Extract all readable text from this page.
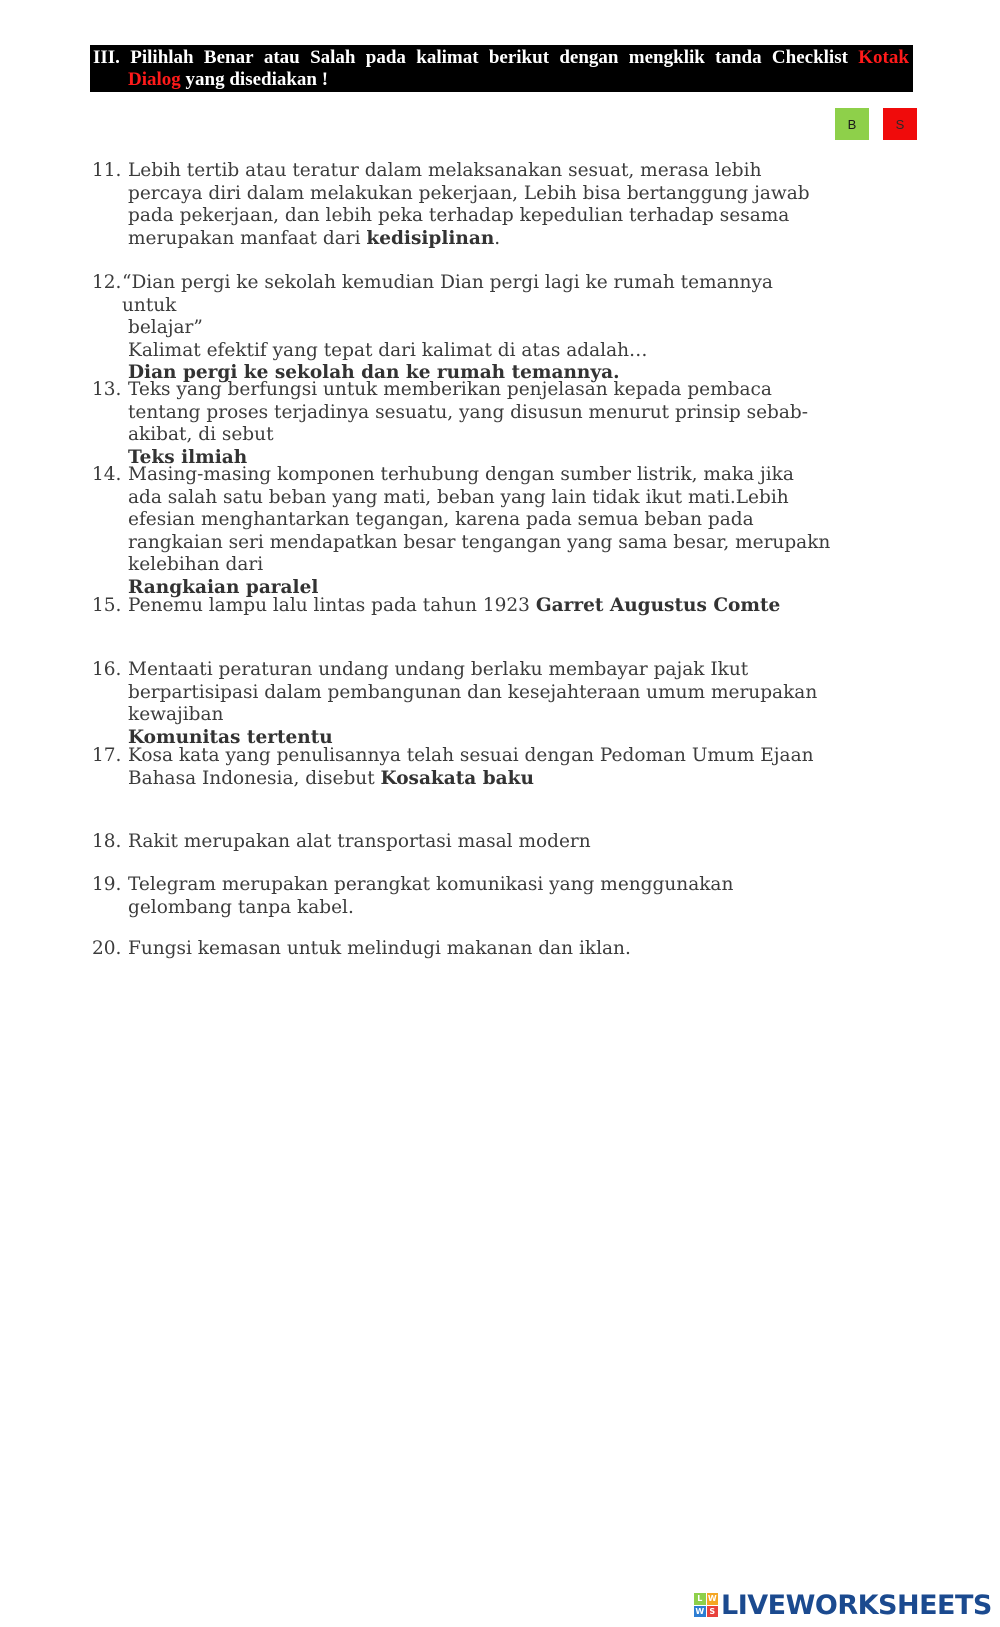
III. Pilihlah Benar atau Salah pada kalimat berikut dengan mengklik tanda Checklist Kotak
Dialog yang disediakan !
B	S
11. Lebih tertib atau teratur dalam melaksanakan sesuat, merasa lebih percaya diri dalam melakukan pekerjaan, Lebih bisa bertanggung jawab pada pekerjaan, dan lebih peka terhadap kepedulian terhadap sesama merupakan manfaat dari kedisiplinan.
12. “Dian pergi ke sekolah kemudian Dian pergi lagi ke rumah temannya untuk
belajar”
Kalimat efektif yang tepat dari kalimat di atas adalah…
Dian pergi ke sekolah dan ke rumah temannya.
13. Teks yang berfungsi untuk memberikan penjelasan kepada pembaca tentang proses terjadinya sesuatu, yang disusun menurut prinsip sebab-akibat, di sebut
Teks ilmiah
14. Masing-masing komponen terhubung dengan sumber listrik, maka jika ada salah satu beban yang mati, beban yang lain tidak ikut mati.Lebih efesian menghantarkan tegangan, karena pada semua beban pada rangkaian seri mendapatkan besar tengangan yang sama besar, merupakn kelebihan dari
Rangkaian paralel
15. Penemu lampu lalu lintas pada tahun 1923 Garret Augustus Comte
16. Mentaati peraturan undang undang berlaku membayar pajak Ikut berpartisipasi dalam pembangunan dan kesejahteraan umum merupakan kewajiban
Komunitas tertentu
17. Kosa kata yang penulisannya telah sesuai dengan Pedoman Umum Ejaan Bahasa Indonesia, disebut Kosakata baku
18. Rakit merupakan alat transportasi masal modern
19. Telegram merupakan perangkat komunikasi yang menggunakan gelombang tanpa kabel.
20. Fungsi kemasan untuk melindugi makanan dan iklan.
L W
W S LIVEWORKSHEETS
